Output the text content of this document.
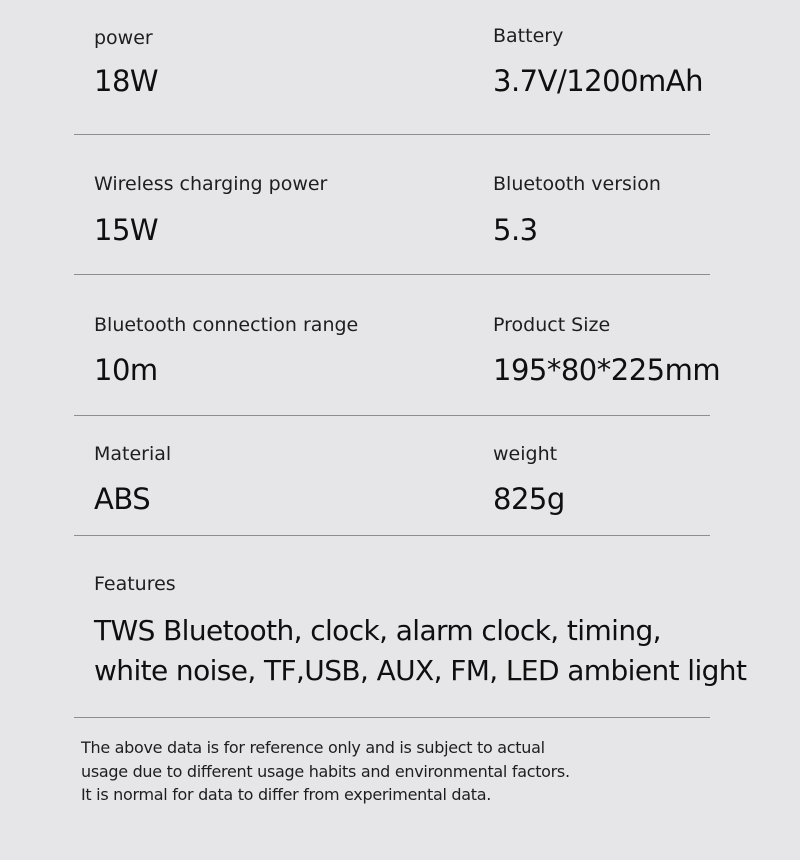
power
18W
Battery
3.7V/1200mAh
Wireless charging power
15W
Bluetooth version
5.3
Bluetooth connection range
10m
Product Size
195*80*225mm
Material
ABS
weight
825g
Features
TWS Bluetooth, clock, alarm clock, timing,
white noise, TF,USB, AUX, FM, LED ambient light
The above data is for reference only and is subject to actual
usage due to different usage habits and environmental factors.
It is normal for data to differ from experimental data.
